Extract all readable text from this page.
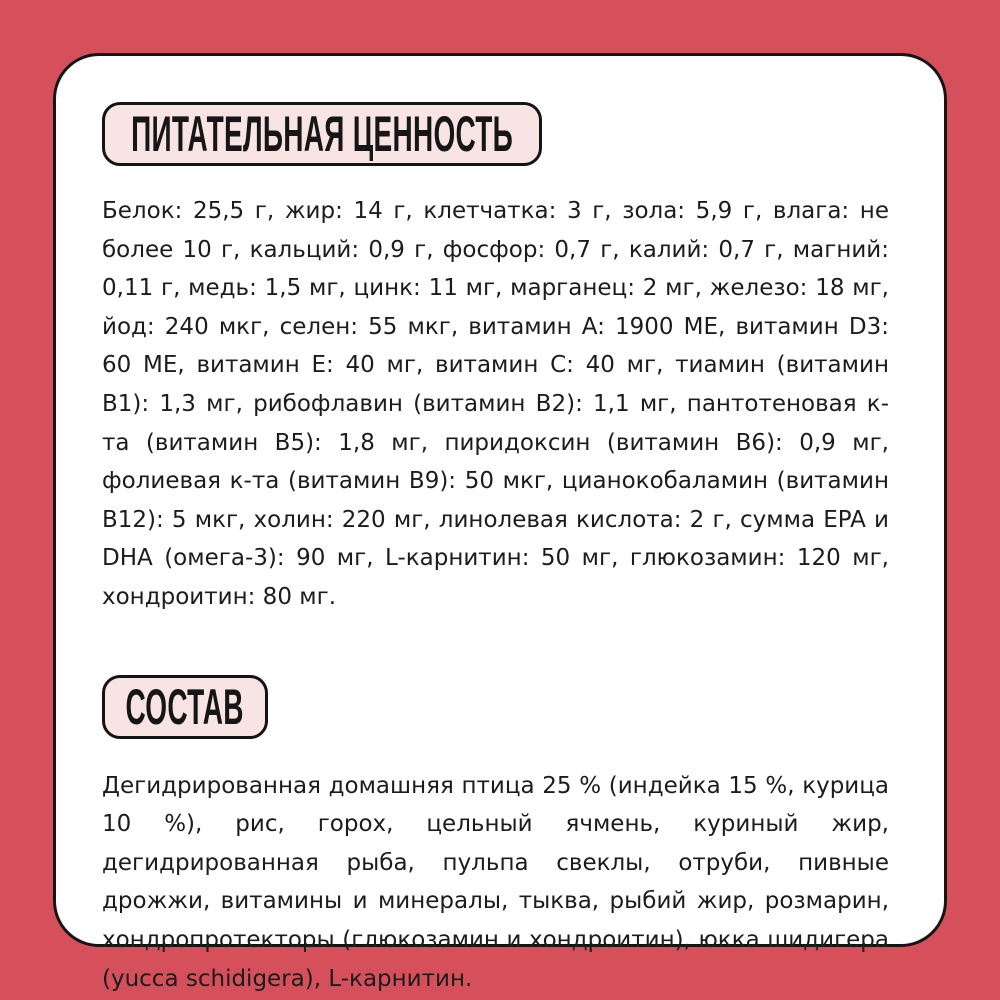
ПИТАТЕЛЬНАЯ ЦЕННОСТЬ

Белок: 25,5 г, жир: 14 г, клетчатка: 3 г, зола: 5,9 г, влага: не более 10 г, кальций: 0,9 г, фосфор: 0,7 г, калий: 0,7 г, магний: 0,11 г, медь: 1,5 мг, цинк: 11 мг, марганец: 2 мг, железо: 18 мг, йод: 240 мкг, селен: 55 мкг, витамин A: 1900 МЕ, витамин D3: 60 МЕ, витамин E: 40 мг, витамин C: 40 мг, тиамин (витамин B1): 1,3 мг, рибофлавин (витамин B2): 1,1 мг, пантотеновая к-та (витамин B5): 1,8 мг, пиридоксин (витамин B6): 0,9 мг, фолиевая к-та (витамин B9): 50 мкг, цианокобаламин (витамин B12): 5 мкг, холин: 220 мг, линолевая кислота: 2 г, сумма EPA и DHA (омега-3): 90 мг, L-карнитин: 50 мг, глюкозамин: 120 мг, хондроитин: 80 мг.

СОСТАВ

Дегидрированная домашняя птица 25 % (индейка 15 %, курица 10 %), рис, горох, цельный ячмень, куриный жир, дегидрированная рыба, пульпа свеклы, отруби, пивные дрожжи, витамины и минералы, тыква, рыбий жир, розмарин, хондропротекторы (глюкозамин и хондроитин), юкка шидигера (yucca schidigera), L-карнитин.
